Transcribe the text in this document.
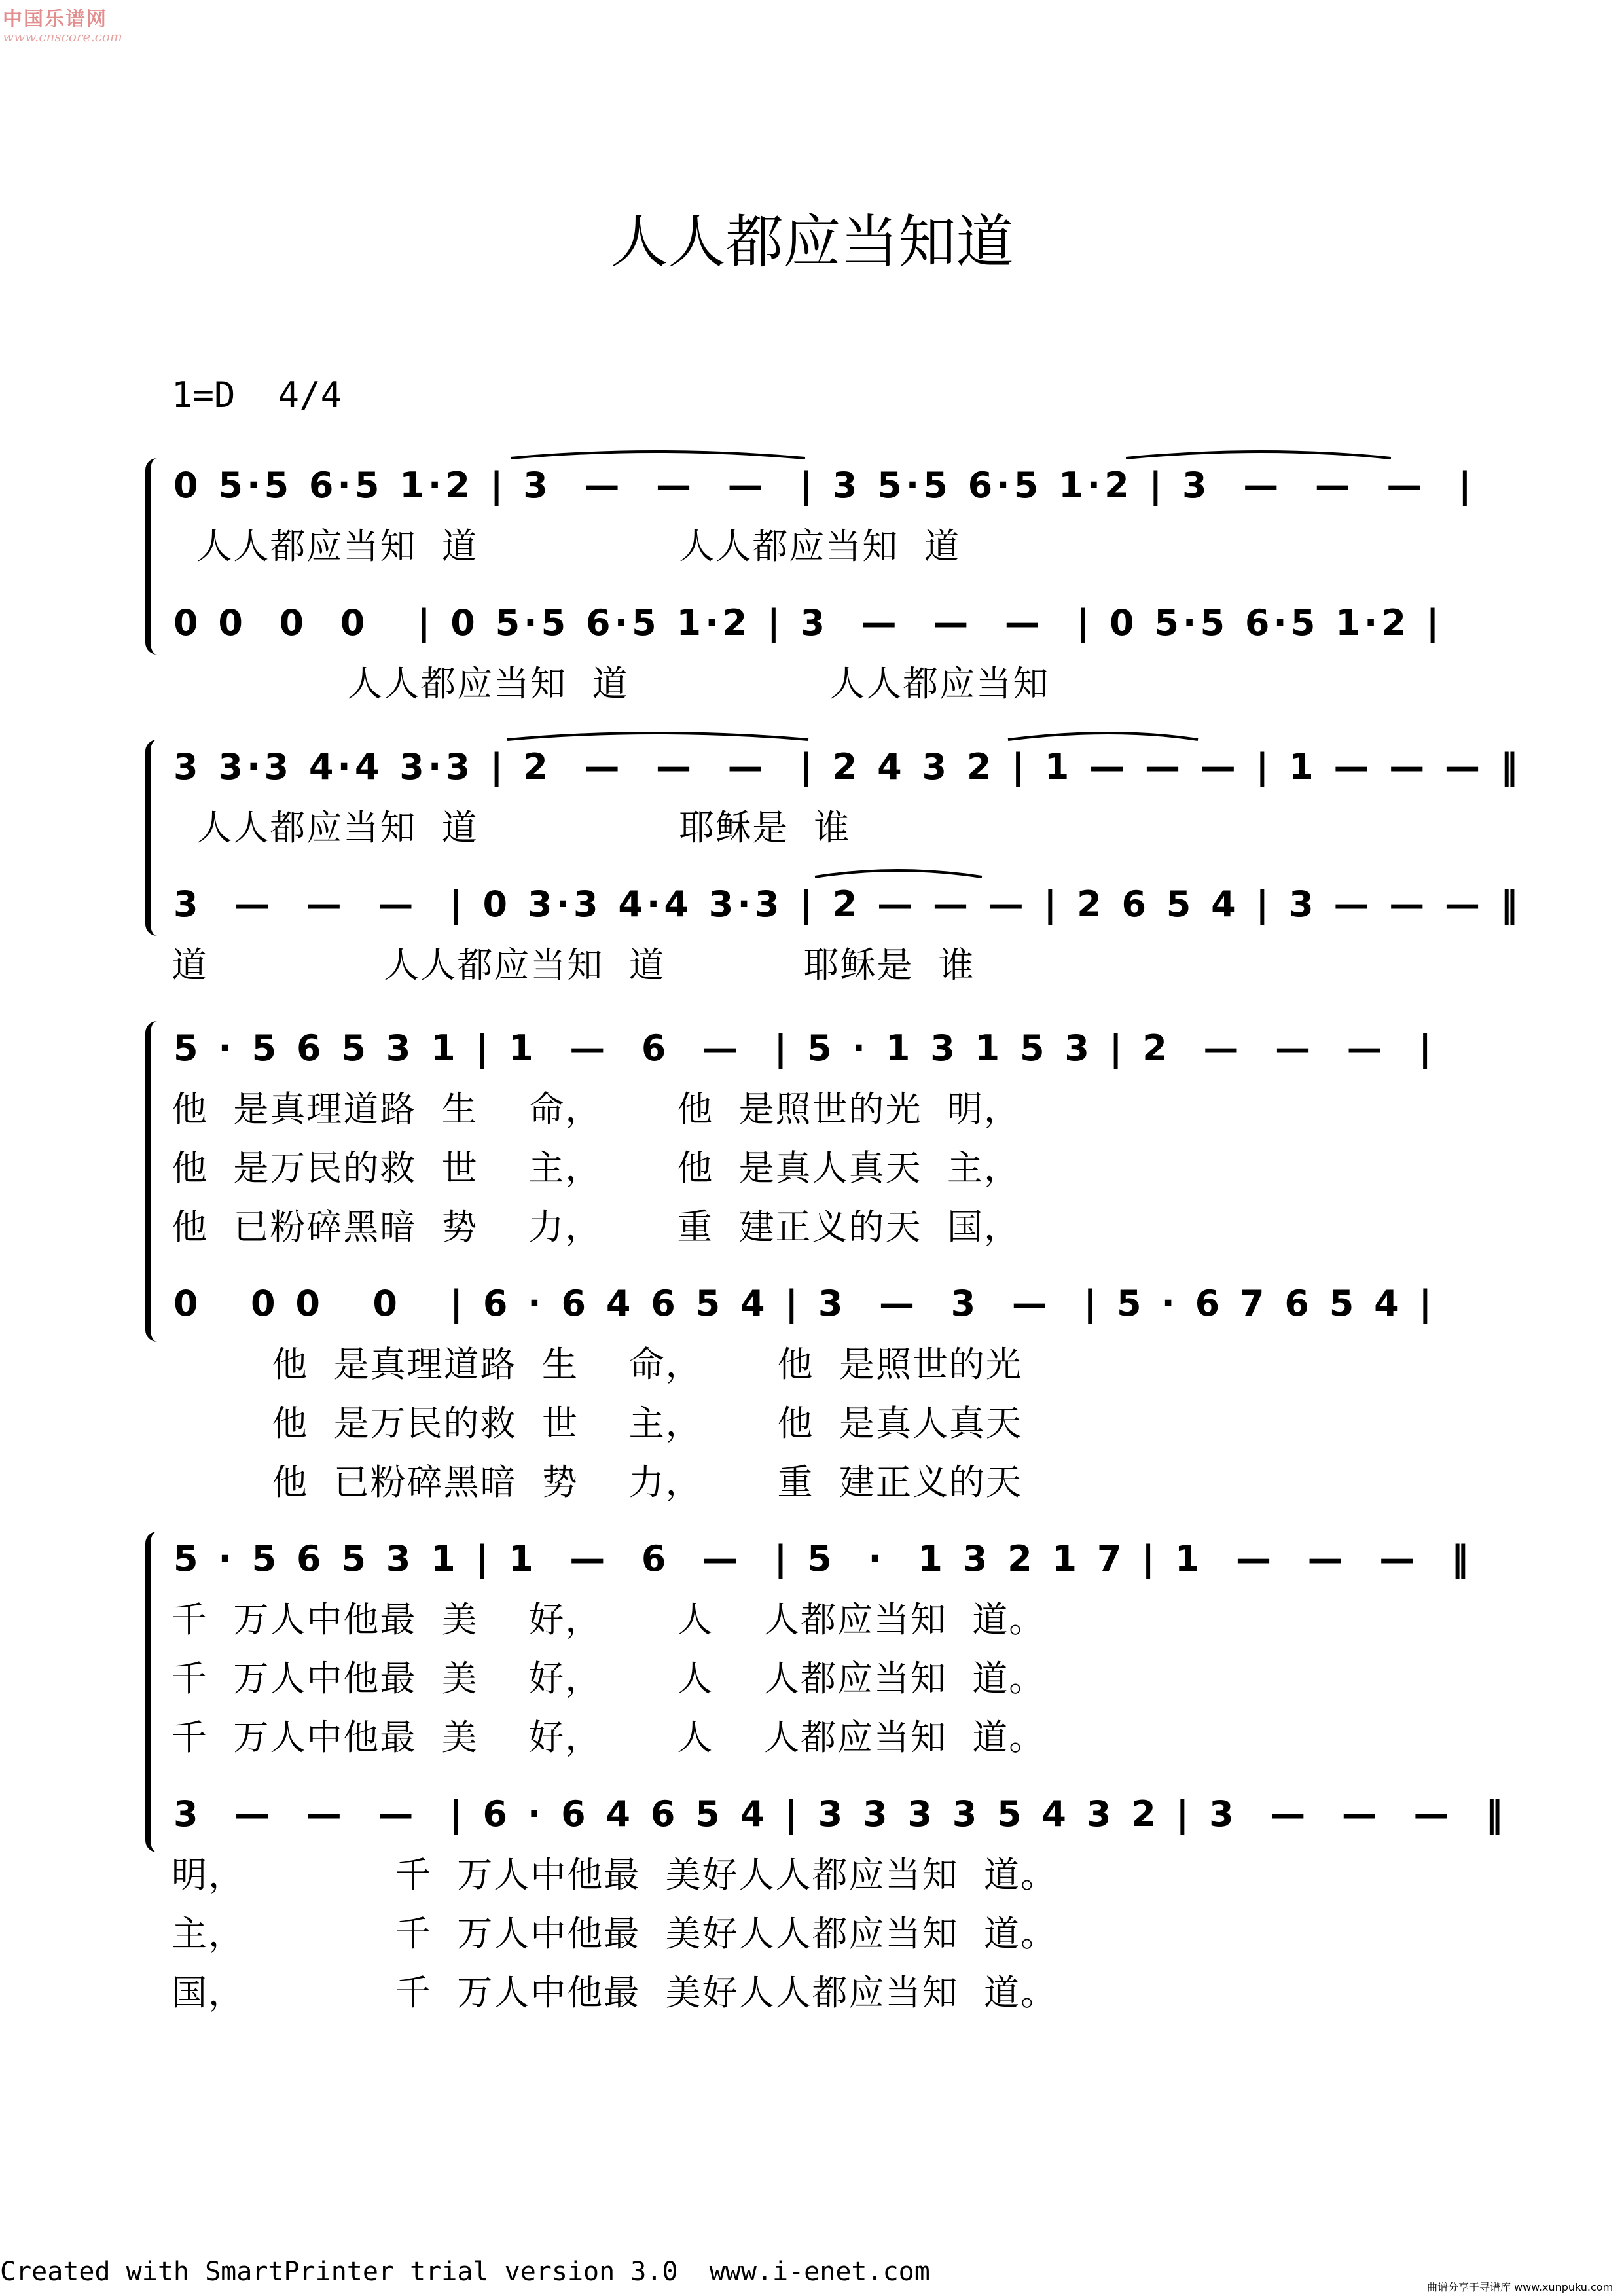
中国乐谱网
www.cnscore.com
人人都应当知道
1=D  4/4
0 5·5 6·5 1·2 | 3  —  —  —  | 3 5·5 6·5 1·2 | 3  —  —  —  |
人人都应当知  道                人人都应当知  道
0 0  0  0   | 0 5·5 6·5 1·2 | 3  —  —  —  | 0 5·5 6·5 1·2 |
人人都应当知  道                人人都应当知
3 3·3 4·4 3·3 | 2  —  —  —  | 2 4 3 2 | 1 — — — | 1 — — — ‖
人人都应当知  道                耶稣是  谁
3  —  —  —  | 0 3·3 4·4 3·3 | 2 — — — | 2 6 5 4 | 3 — — — ‖
道              人人都应当知  道           耶稣是  谁
5 · 5 6 5 3 1 | 1  —  6  —  | 5 · 1 3 1 5 3 | 2  —  —  —  |
他  是真理道路  生    命，      他  是照世的光  明，
他  是万民的救  世    主，      他  是真人真天  主，
他  已粉碎黑暗  势    力，      重  建正义的天  国，
0   0 0   0   | 6 · 6 4 6 5 4 | 3  —  3  —  | 5 · 6 7 6 5 4 |
他  是真理道路  生    命，      他  是照世的光
他  是万民的救  世    主，      他  是真人真天
他  已粉碎黑暗  势    力，      重  建正义的天
5 · 5 6 5 3 1 | 1  —  6  —  | 5  ·  1 3 2 1 7 | 1  —  —  —  ‖
千  万人中他最  美    好，      人    人都应当知  道。
千  万人中他最  美    好，      人    人都应当知  道。
千  万人中他最  美    好，      人    人都应当知  道。
3  —  —  —  | 6 · 6 4 6 5 4 | 3 3 3 3 5 4 3 2 | 3  —  —  —  ‖
明，            千  万人中他最  美好人人都应当知  道。
主，            千  万人中他最  美好人人都应当知  道。
国，            千  万人中他最  美好人人都应当知  道。
Created with SmartPrinter trial version 3.0  www.i-enet.com
曲谱分享于寻谱库 www.xunpuku.com
